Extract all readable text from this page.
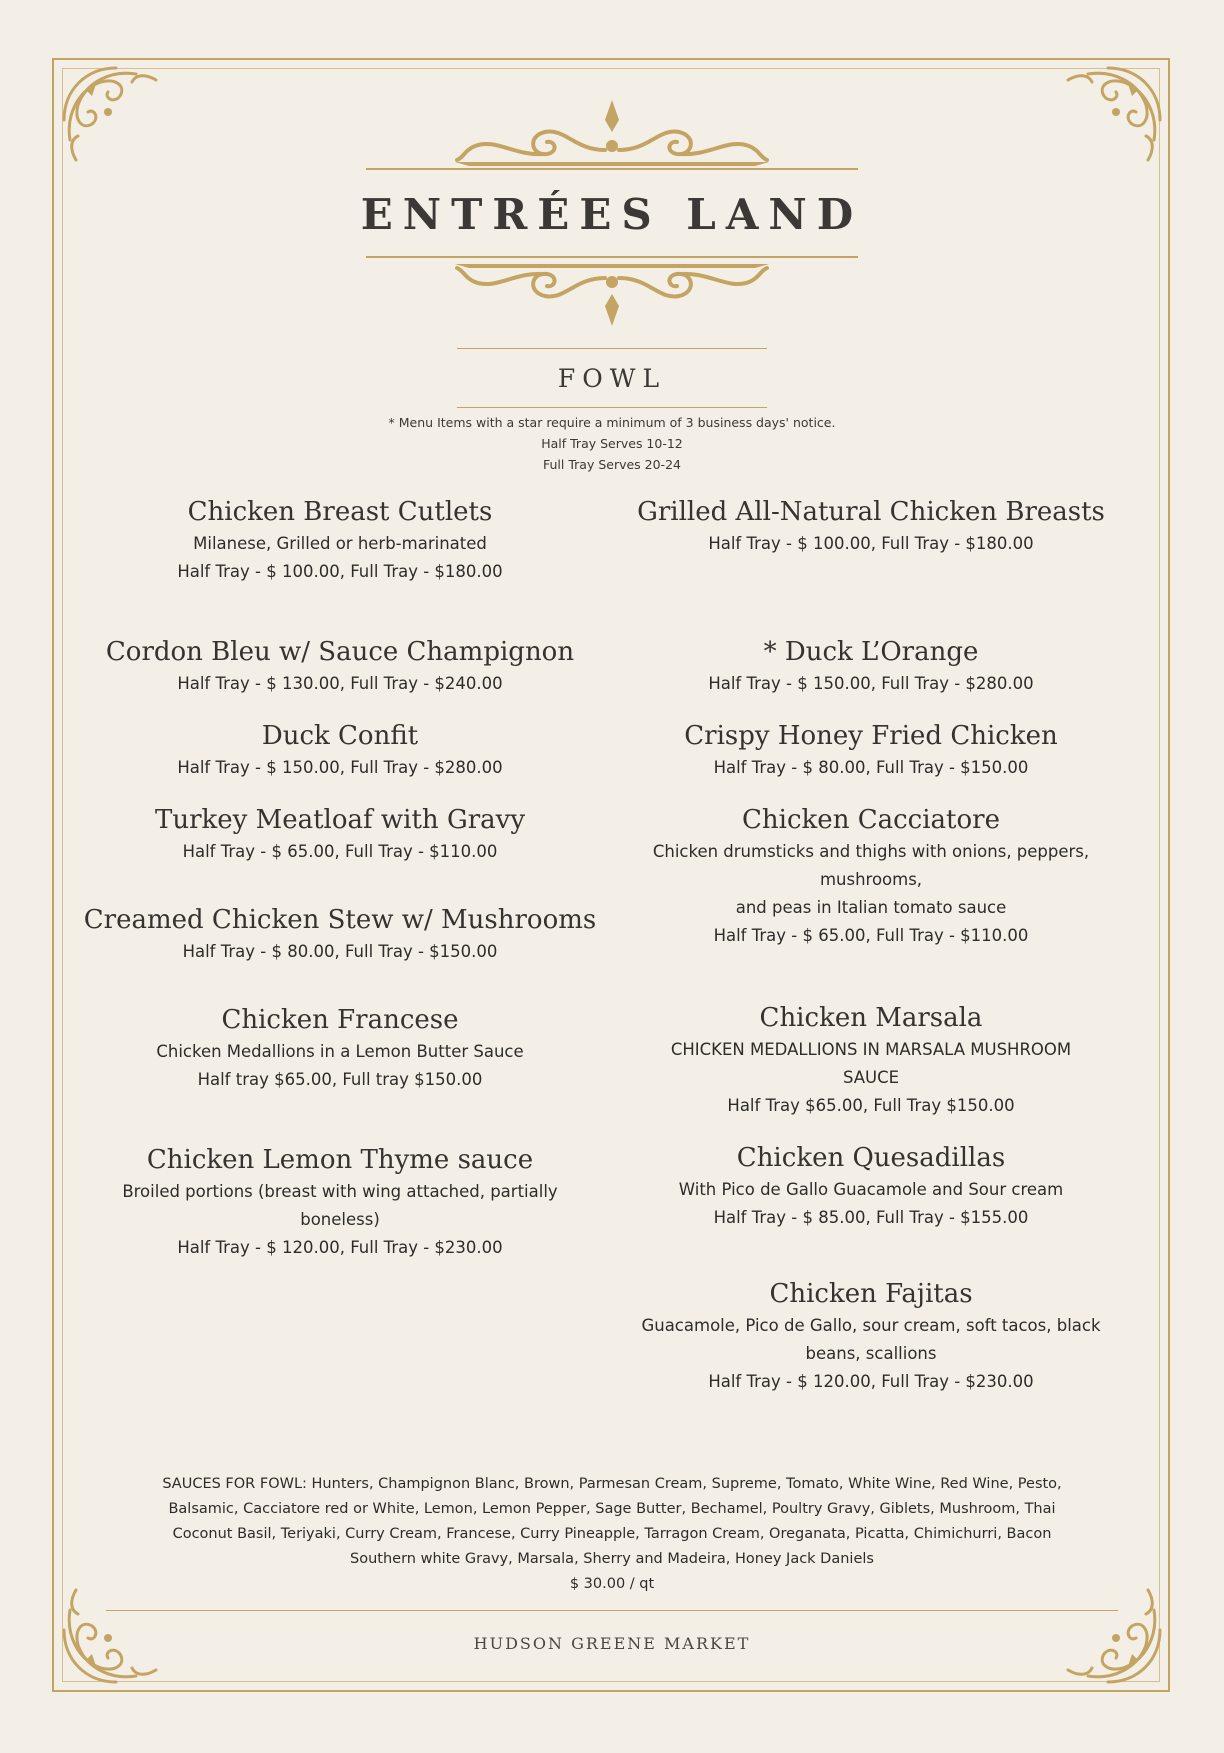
ENTRÉES LAND
FOWL
* Menu Items with a star require a minimum of 3 business days' notice.
Half Tray Serves 10-12
Full Tray Serves 20-24
Chicken Breast Cutlets
Milanese, Grilled or herb-marinated
Half Tray - $ 100.00, Full Tray - $180.00
Cordon Bleu w/ Sauce Champignon
Half Tray - $ 130.00, Full Tray - $240.00
Duck Confit
Half Tray - $ 150.00, Full Tray - $280.00
Turkey Meatloaf with Gravy
Half Tray - $ 65.00, Full Tray - $110.00
Creamed Chicken Stew w/ Mushrooms
Half Tray - $ 80.00, Full Tray - $150.00
Chicken Francese
Chicken Medallions in a Lemon Butter Sauce
Half tray $65.00, Full tray $150.00
Chicken Lemon Thyme sauce
Broiled portions (breast with wing attached, partially
boneless)
Half Tray - $ 120.00, Full Tray - $230.00
Grilled All-Natural Chicken Breasts
Half Tray - $ 100.00, Full Tray - $180.00
* Duck L’Orange
Half Tray - $ 150.00, Full Tray - $280.00
Crispy Honey Fried Chicken
Half Tray - $ 80.00, Full Tray - $150.00
Chicken Cacciatore
Chicken drumsticks and thighs with onions, peppers,
mushrooms,
and peas in Italian tomato sauce
Half Tray - $ 65.00, Full Tray - $110.00
Chicken Marsala
CHICKEN MEDALLIONS IN MARSALA MUSHROOM
SAUCE
Half Tray $65.00, Full Tray $150.00
Chicken Quesadillas
With Pico de Gallo Guacamole and Sour cream
Half Tray - $ 85.00, Full Tray - $155.00
Chicken Fajitas
Guacamole, Pico de Gallo, sour cream, soft tacos, black
beans, scallions
Half Tray - $ 120.00, Full Tray - $230.00
SAUCES FOR FOWL: Hunters, Champignon Blanc, Brown, Parmesan Cream, Supreme, Tomato, White Wine, Red Wine, Pesto,
Balsamic, Cacciatore red or White, Lemon, Lemon Pepper, Sage Butter, Bechamel, Poultry Gravy, Giblets, Mushroom, Thai
Coconut Basil, Teriyaki, Curry Cream, Francese, Curry Pineapple, Tarragon Cream, Oreganata, Picatta, Chimichurri, Bacon
Southern white Gravy, Marsala, Sherry and Madeira, Honey Jack Daniels
$ 30.00 / qt
HUDSON GREENE MARKET
